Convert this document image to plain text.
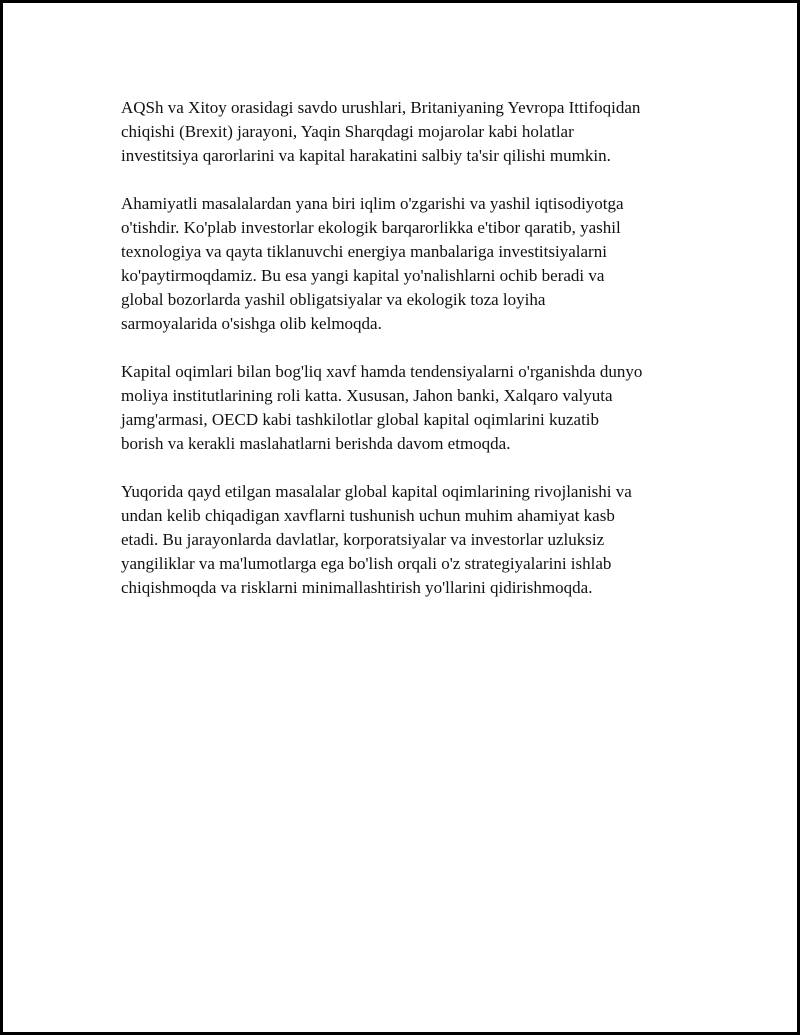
AQSh va Xitoy orasidagi savdo urushlari, Britaniyaning Yevropa Ittifoqidan
chiqishi (Brexit) jarayoni, Yaqin Sharqdagi mojarolar kabi holatlar
investitsiya qarorlarini va kapital harakatini salbiy ta'sir qilishi mumkin.

Ahamiyatli masalalardan yana biri iqlim o'zgarishi va yashil iqtisodiyotga
o'tishdir. Ko'plab investorlar ekologik barqarorlikka e'tibor qaratib, yashil
texnologiya va qayta tiklanuvchi energiya manbalariga investitsiyalarni
ko'paytirmoqdamiz. Bu esa yangi kapital yo'nalishlarni ochib beradi va
global bozorlarda yashil obligatsiyalar va ekologik toza loyiha
sarmoyalarida o'sishga olib kelmoqda.

Kapital oqimlari bilan bog'liq xavf hamda tendensiyalarni o'rganishda dunyo
moliya institutlarining roli katta. Xususan, Jahon banki, Xalqaro valyuta
jamg'armasi, OECD kabi tashkilotlar global kapital oqimlarini kuzatib
borish va kerakli maslahatlarni berishda davom etmoqda.

Yuqorida qayd etilgan masalalar global kapital oqimlarining rivojlanishi va
undan kelib chiqadigan xavflarni tushunish uchun muhim ahamiyat kasb
etadi. Bu jarayonlarda davlatlar, korporatsiyalar va investorlar uzluksiz
yangiliklar va ma'lumotlarga ega bo'lish orqali o'z strategiyalarini ishlab
chiqishmoqda va risklarni minimallashtirish yo'llarini qidirishmoqda.
